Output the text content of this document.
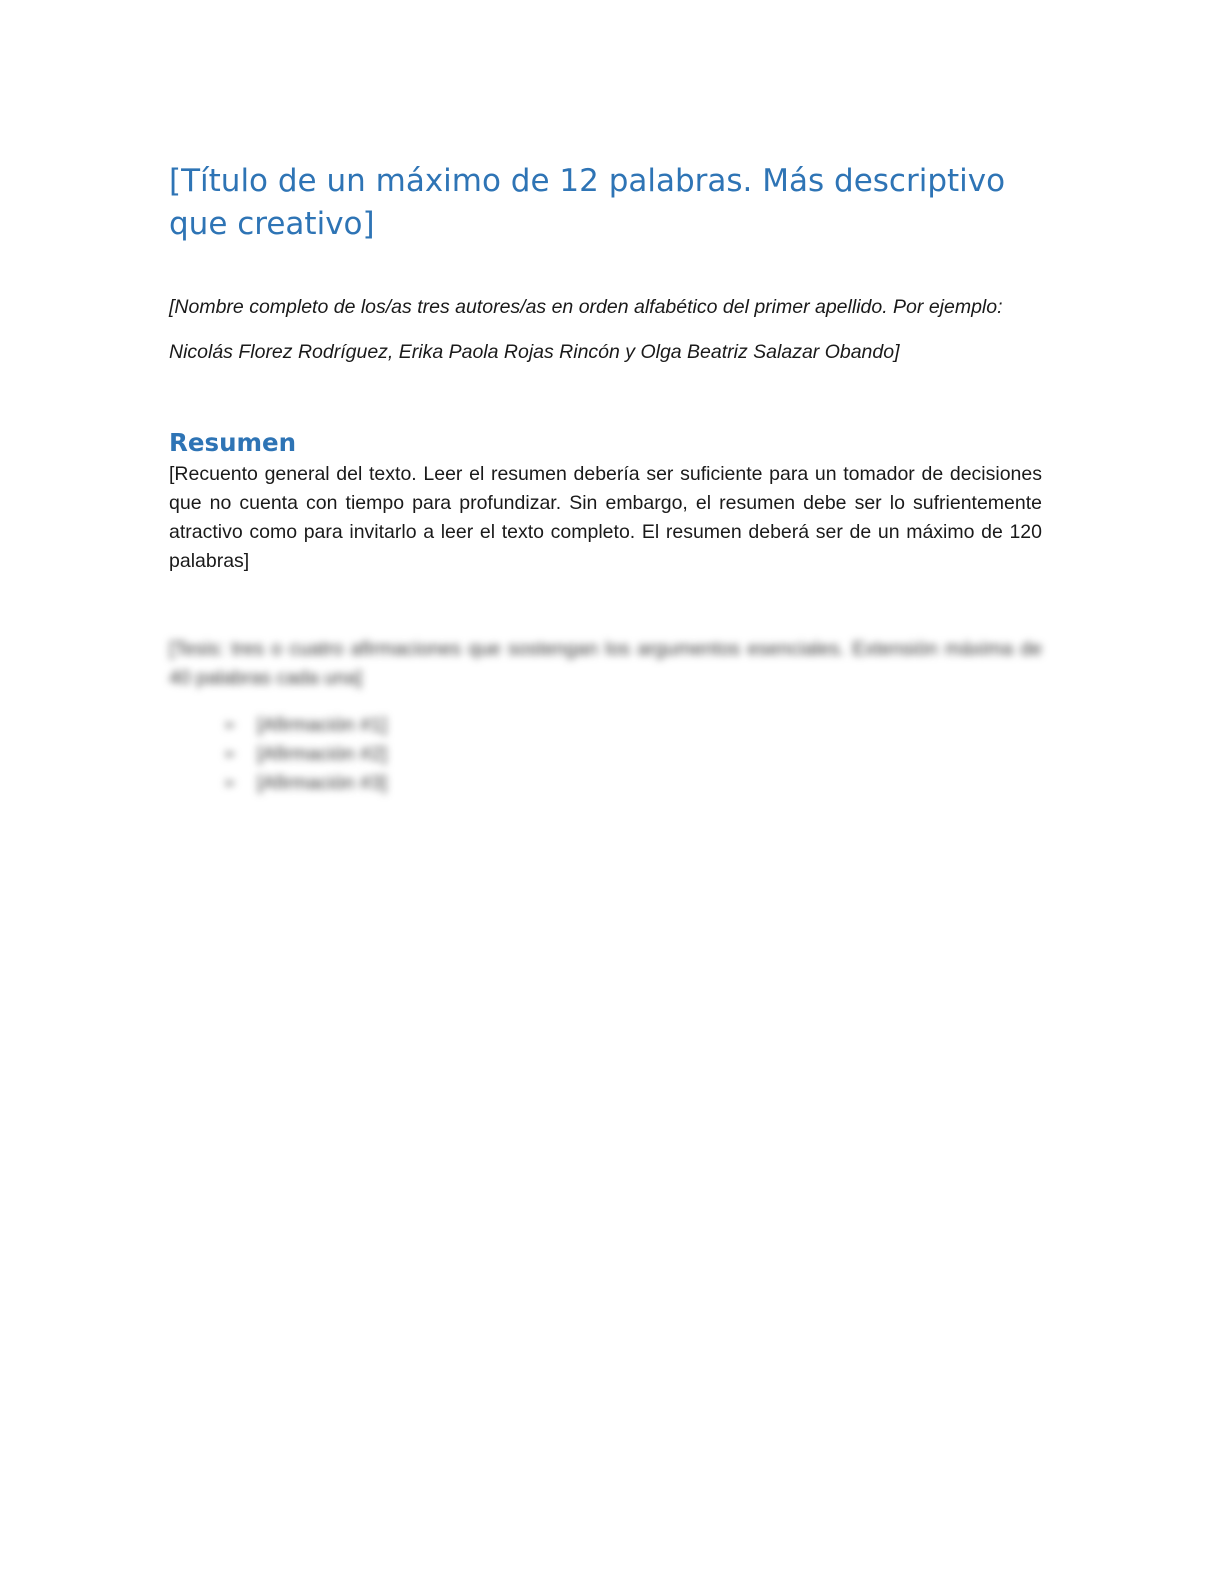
[Título de un máximo de 12 palabras. Más descriptivo que creativo]

[Nombre completo de los/as tres autores/as en orden alfabético del primer apellido. Por ejemplo:

Nicolás Florez Rodríguez, Erika Paola Rojas Rincón y Olga Beatriz Salazar Obando]

Resumen

[Recuento general del texto. Leer el resumen debería ser suficiente para un tomador de decisiones que no cuenta con tiempo para profundizar. Sin embargo, el resumen debe ser lo sufrientemente atractivo como para invitarlo a leer el texto completo. El resumen deberá ser de un máximo de 120 palabras]

[Tesis: tres o cuatro afirmaciones que sostengan los argumentos esenciales. Extensión máxima de 40 palabras cada una]

➢	[Afirmación #1]
➢	[Afirmación #2]
➢	[Afirmación #3]
